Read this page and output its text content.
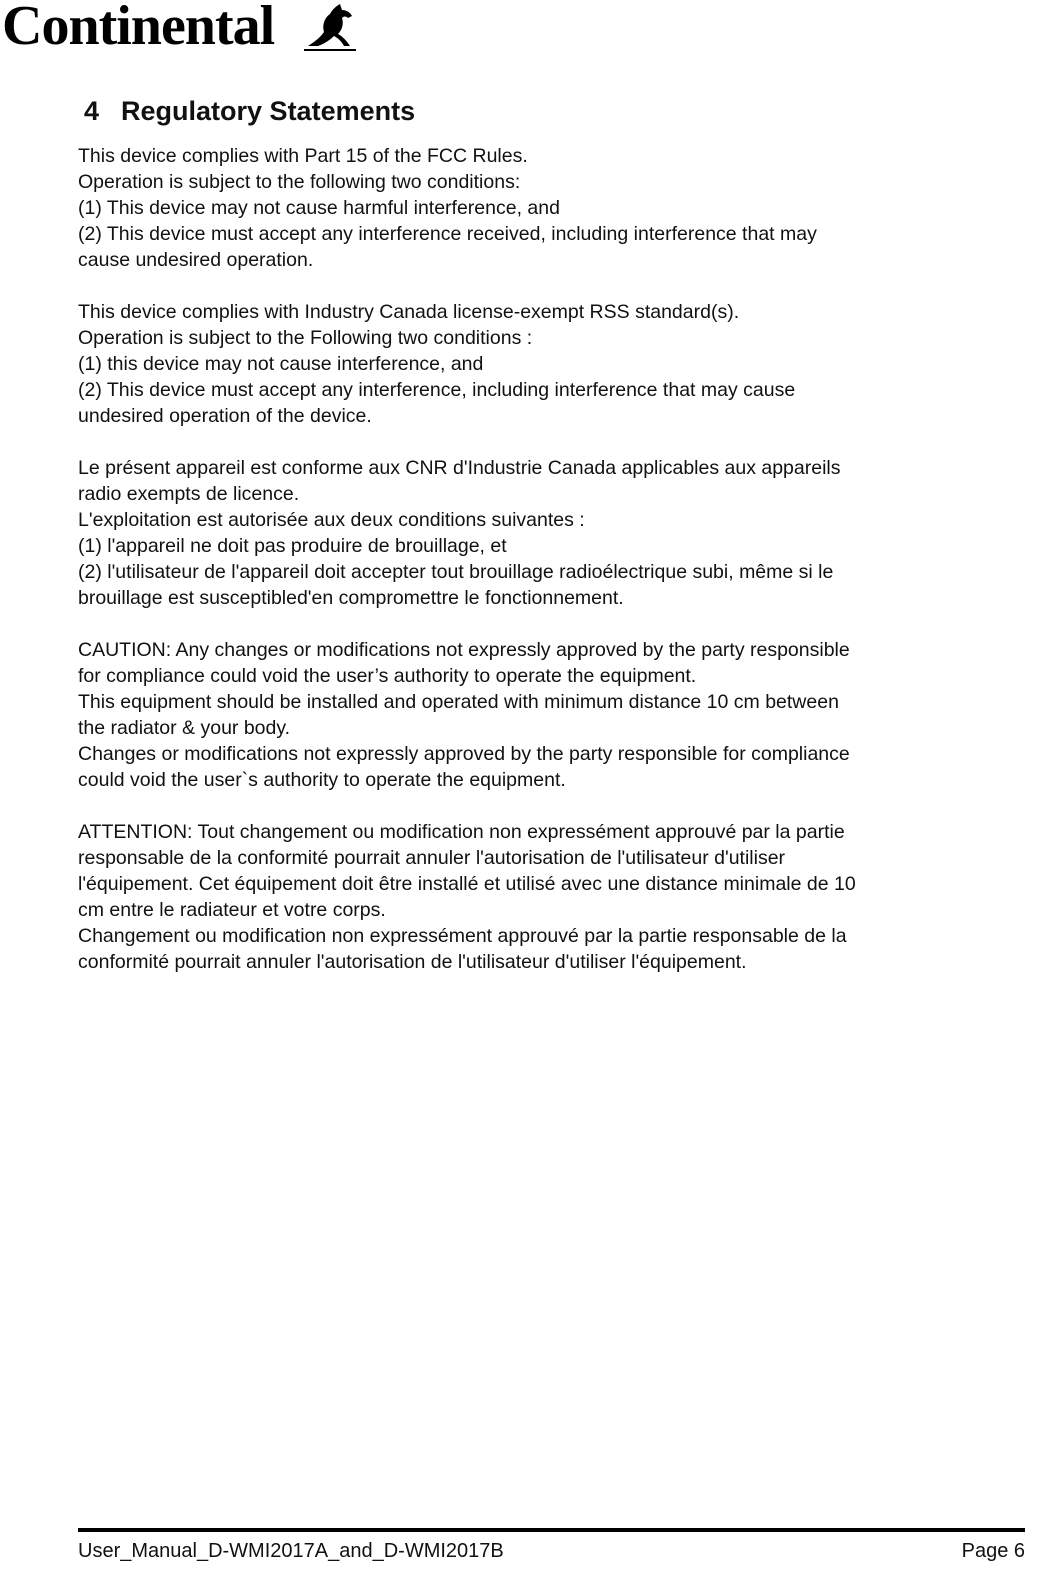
Continental
4 Regulatory Statements
This device complies with Part 15 of the FCC Rules.
Operation is subject to the following two conditions:
(1) This device may not cause harmful interference, and
(2) This device must accept any interference received, including interference that may
cause undesired operation.
This device complies with Industry Canada license-exempt RSS standard(s).
Operation is subject to the Following two conditions :
(1) this device may not cause interference, and
(2) This device must accept any interference, including interference that may cause
undesired operation of the device.
Le présent appareil est conforme aux CNR d'Industrie Canada applicables aux appareils
radio exempts de licence.
L'exploitation est autorisée aux deux conditions suivantes :
(1) l'appareil ne doit pas produire de brouillage, et
(2) l'utilisateur de l'appareil doit accepter tout brouillage radioélectrique subi, même si le
brouillage est susceptibled'en compromettre le fonctionnement.
CAUTION: Any changes or modifications not expressly approved by the party responsible
for compliance could void the user’s authority to operate the equipment.
This equipment should be installed and operated with minimum distance 10 cm between
the radiator & your body.
Changes or modifications not expressly approved by the party responsible for compliance
could void the user`s authority to operate the equipment.
ATTENTION: Tout changement ou modification non expressément approuvé par la partie
responsable de la conformité pourrait annuler l'autorisation de l'utilisateur d'utiliser
l'équipement. Cet équipement doit être installé et utilisé avec une distance minimale de 10
cm entre le radiateur et votre corps.
Changement ou modification non expressément approuvé par la partie responsable de la
conformité pourrait annuler l'autorisation de l'utilisateur d'utiliser l'équipement.
User_Manual_D-WMI2017A_and_D-WMI2017B	Page 6
